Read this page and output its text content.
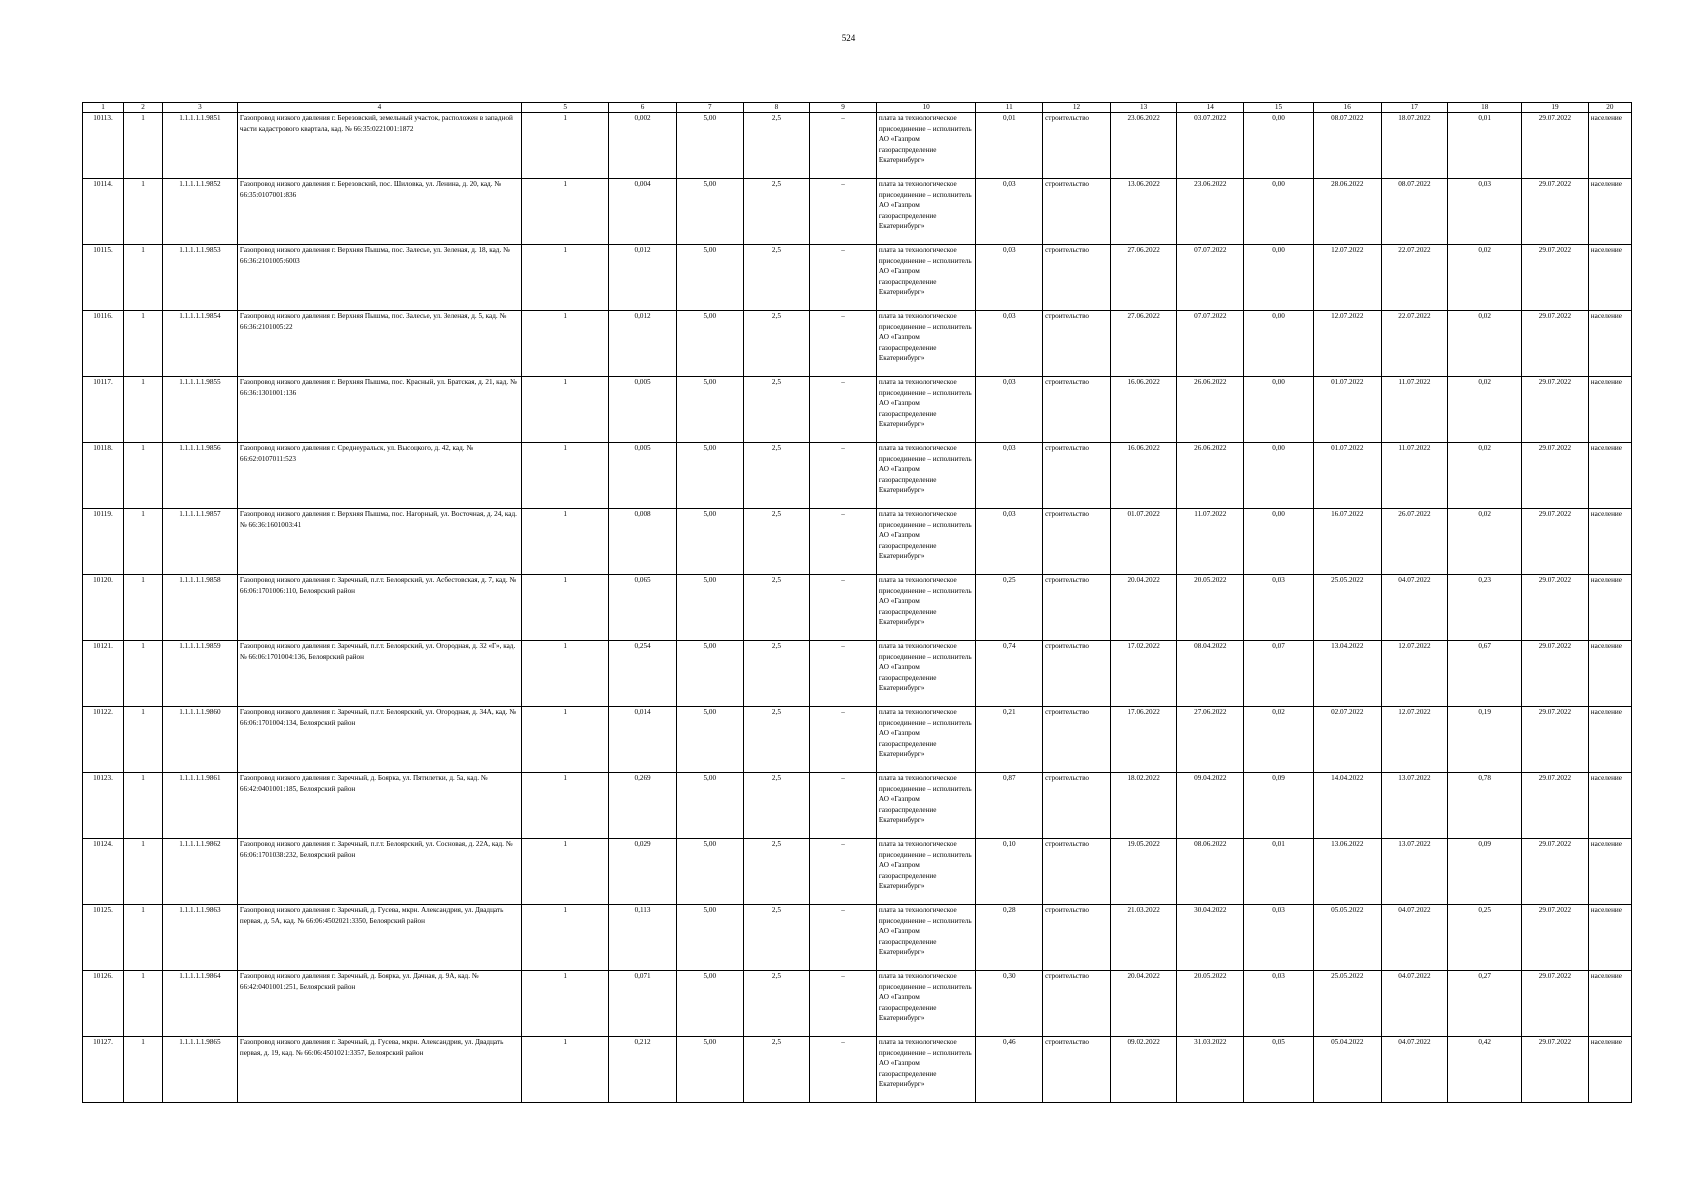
524
1	2	3	4	5	6	7	8	9	10	11	12	13	14	15	16	17	18	19	20
10113.	1	1.1.1.1.1.9851	Газопровод низкого давления г. Березовский, земельный участок, расположен в западной части кадастрового квартала, кад. № 66:35:0221001:1872	1	0,002	5,00	2,5	–	плата за технологическое присоединение – исполнитель АО «Газпром газораспределение Екатеринбург»	0,01	строительство	23.06.2022	03.07.2022	0,00	08.07.2022	18.07.2022	0,01	29.07.2022	население
10114.	1	1.1.1.1.1.9852	Газопровод низкого давления г. Березовский, пос. Шиловка, ул. Ленина, д. 20, кад. № 66:35:0107001:836	1	0,004	5,00	2,5	–	плата за технологическое присоединение – исполнитель АО «Газпром газораспределение Екатеринбург»	0,03	строительство	13.06.2022	23.06.2022	0,00	28.06.2022	08.07.2022	0,03	29.07.2022	население
10115.	1	1.1.1.1.1.9853	Газопровод низкого давления г. Верхняя Пышма, пос. Залесье, ул. Зеленая, д. 18, кад. № 66:36:2101005:6003	1	0,012	5,00	2,5	–	плата за технологическое присоединение – исполнитель АО «Газпром газораспределение Екатеринбург»	0,03	строительство	27.06.2022	07.07.2022	0,00	12.07.2022	22.07.2022	0,02	29.07.2022	население
10116.	1	1.1.1.1.1.9854	Газопровод низкого давления г. Верхняя Пышма, пос. Залесье, ул. Зеленая, д. 5, кад. № 66:36:2101005:22	1	0,012	5,00	2,5	–	плата за технологическое присоединение – исполнитель АО «Газпром газораспределение Екатеринбург»	0,03	строительство	27.06.2022	07.07.2022	0,00	12.07.2022	22.07.2022	0,02	29.07.2022	население
10117.	1	1.1.1.1.1.9855	Газопровод низкого давления г. Верхняя Пышма, пос. Красный, ул. Братская, д. 21, кад. № 66:36:1301001:136	1	0,005	5,00	2,5	–	плата за технологическое присоединение – исполнитель АО «Газпром газораспределение Екатеринбург»	0,03	строительство	16.06.2022	26.06.2022	0,00	01.07.2022	11.07.2022	0,02	29.07.2022	население
10118.	1	1.1.1.1.1.9856	Газопровод низкого давления г. Среднеуральск, ул. Высоцкого, д. 42, кад. № 66:62:0107011:523	1	0,005	5,00	2,5	–	плата за технологическое присоединение – исполнитель АО «Газпром газораспределение Екатеринбург»	0,03	строительство	16.06.2022	26.06.2022	0,00	01.07.2022	11.07.2022	0,02	29.07.2022	население
10119.	1	1.1.1.1.1.9857	Газопровод низкого давления г. Верхняя Пышма, пос. Нагорный, ул. Восточная, д. 24, кад. № 66:36:1601003:41	1	0,008	5,00	2,5	–	плата за технологическое присоединение – исполнитель АО «Газпром газораспределение Екатеринбург»	0,03	строительство	01.07.2022	11.07.2022	0,00	16.07.2022	26.07.2022	0,02	29.07.2022	население
10120.	1	1.1.1.1.1.9858	Газопровод низкого давления г. Заречный, п.г.т. Белоярский, ул. Асбестовская, д. 7, кад. № 66:06:1701006:110, Белоярский район	1	0,065	5,00	2,5	–	плата за технологическое присоединение – исполнитель АО «Газпром газораспределение Екатеринбург»	0,25	строительство	20.04.2022	20.05.2022	0,03	25.05.2022	04.07.2022	0,23	29.07.2022	население
10121.	1	1.1.1.1.1.9859	Газопровод низкого давления г. Заречный, п.г.т. Белоярский, ул. Огородная, д. 32 «Г», кад. № 66:06:1701004:136, Белоярский район	1	0,254	5,00	2,5	–	плата за технологическое присоединение – исполнитель АО «Газпром газораспределение Екатеринбург»	0,74	строительство	17.02.2022	08.04.2022	0,07	13.04.2022	12.07.2022	0,67	29.07.2022	население
10122.	1	1.1.1.1.1.9860	Газопровод низкого давления г. Заречный, п.г.т. Белоярский, ул. Огородная, д. 34А, кад. № 66:06:1701004:134, Белоярский район	1	0,014	5,00	2,5	–	плата за технологическое присоединение – исполнитель АО «Газпром газораспределение Екатеринбург»	0,21	строительство	17.06.2022	27.06.2022	0,02	02.07.2022	12.07.2022	0,19	29.07.2022	население
10123.	1	1.1.1.1.1.9861	Газопровод низкого давления г. Заречный, д. Боярка, ул. Пятилетки, д. 5а, кад. № 66:42:0401001:185, Белоярский район	1	0,269	5,00	2,5	–	плата за технологическое присоединение – исполнитель АО «Газпром газораспределение Екатеринбург»	0,87	строительство	18.02.2022	09.04.2022	0,09	14.04.2022	13.07.2022	0,78	29.07.2022	население
10124.	1	1.1.1.1.1.9862	Газопровод низкого давления г. Заречный, п.г.т. Белоярский, ул. Сосновая, д. 22А, кад. № 66:06:1701038:232, Белоярский район	1	0,029	5,00	2,5	–	плата за технологическое присоединение – исполнитель АО «Газпром газораспределение Екатеринбург»	0,10	строительство	19.05.2022	08.06.2022	0,01	13.06.2022	13.07.2022	0,09	29.07.2022	население
10125.	1	1.1.1.1.1.9863	Газопровод низкого давления г. Заречный, д. Гусева, мкрн. Александрия, ул. Двадцать первая, д. 5А, кад. № 66:06:4502021:3350, Белоярский район	1	0,113	5,00	2,5	–	плата за технологическое присоединение – исполнитель АО «Газпром газораспределение Екатеринбург»	0,28	строительство	21.03.2022	30.04.2022	0,03	05.05.2022	04.07.2022	0,25	29.07.2022	население
10126.	1	1.1.1.1.1.9864	Газопровод низкого давления г. Заречный, д. Боярка, ул. Дачная, д. 9А, кад. № 66:42:0401001:251, Белоярский район	1	0,071	5,00	2,5	–	плата за технологическое присоединение – исполнитель АО «Газпром газораспределение Екатеринбург»	0,30	строительство	20.04.2022	20.05.2022	0,03	25.05.2022	04.07.2022	0,27	29.07.2022	население
10127.	1	1.1.1.1.1.9865	Газопровод низкого давления г. Заречный, д. Гусева, мкрн. Александрия, ул. Двадцать первая, д. 19, кад. № 66:06:4501021:3357, Белоярский район	1	0,212	5,00	2,5	–	плата за технологическое присоединение – исполнитель АО «Газпром газораспределение Екатеринбург»	0,46	строительство	09.02.2022	31.03.2022	0,05	05.04.2022	04.07.2022	0,42	29.07.2022	население
